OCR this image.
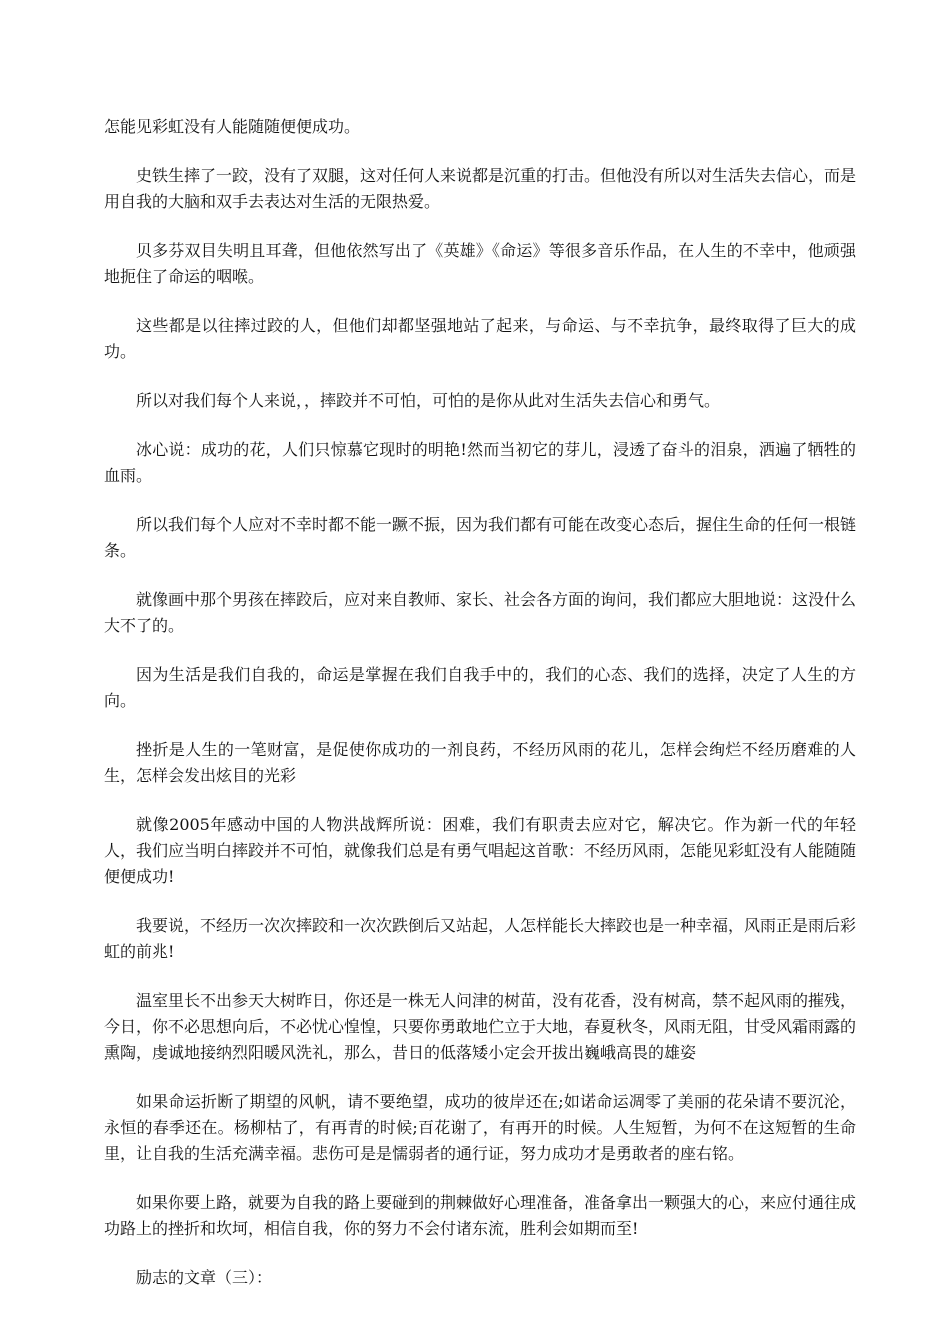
怎能见彩虹没有人能随随便便成功。

史铁生摔了一跤，没有了双腿，这对任何人来说都是沉重的打击。但他没有所以对生活失去信心，而是用自我的大脑和双手去表达对生活的无限热爱。

贝多芬双目失明且耳聋，但他依然写出了《英雄》《命运》等很多音乐作品，在人生的不幸中，他顽强地扼住了命运的咽喉。

这些都是以往摔过跤的人，但他们却都坚强地站了起来，与命运、与不幸抗争，最终取得了巨大的成功。

所以对我们每个人来说，，摔跤并不可怕，可怕的是你从此对生活失去信心和勇气。

冰心说：成功的花，人们只惊慕它现时的明艳!然而当初它的芽儿，浸透了奋斗的泪泉，洒遍了牺牲的血雨。

所以我们每个人应对不幸时都不能一蹶不振，因为我们都有可能在改变心态后，握住生命的任何一根链条。

就像画中那个男孩在摔跤后，应对来自教师、家长、社会各方面的询问，我们都应大胆地说：这没什么大不了的。

因为生活是我们自我的，命运是掌握在我们自我手中的，我们的心态、我们的选择，决定了人生的方向。

挫折是人生的一笔财富，是促使你成功的一剂良药，不经历风雨的花儿，怎样会绚烂不经历磨难的人生，怎样会发出炫目的光彩

就像2005年感动中国的人物洪战辉所说：困难，我们有职责去应对它，解决它。作为新一代的年轻人，我们应当明白摔跤并不可怕，就像我们总是有勇气唱起这首歌：不经历风雨，怎能见彩虹没有人能随随便便成功!

我要说，不经历一次次摔跤和一次次跌倒后又站起，人怎样能长大摔跤也是一种幸福，风雨正是雨后彩虹的前兆!

温室里长不出参天大树昨日，你还是一株无人问津的树苗，没有花香，没有树高，禁不起风雨的摧残，今日，你不必思想向后，不必忧心惶惶，只要你勇敢地伫立于大地，春夏秋冬，风雨无阻，甘受风霜雨露的熏陶，虔诚地接纳烈阳暖风洗礼，那么，昔日的低落矮小定会开拔出巍峨高畏的雄姿

如果命运折断了期望的风帆，请不要绝望，成功的彼岸还在;如诺命运凋零了美丽的花朵请不要沉沦，永恒的春季还在。杨柳枯了，有再青的时候;百花谢了，有再开的时候。人生短暂，为何不在这短暂的生命里，让自我的生活充满幸福。悲伤可是是懦弱者的通行证，努力成功才是勇敢者的座右铭。

如果你要上路，就要为自我的路上要碰到的荆棘做好心理准备，准备拿出一颗强大的心，来应付通往成功路上的挫折和坎坷，相信自我，你的努力不会付诸东流，胜利会如期而至!

励志的文章（三）：
